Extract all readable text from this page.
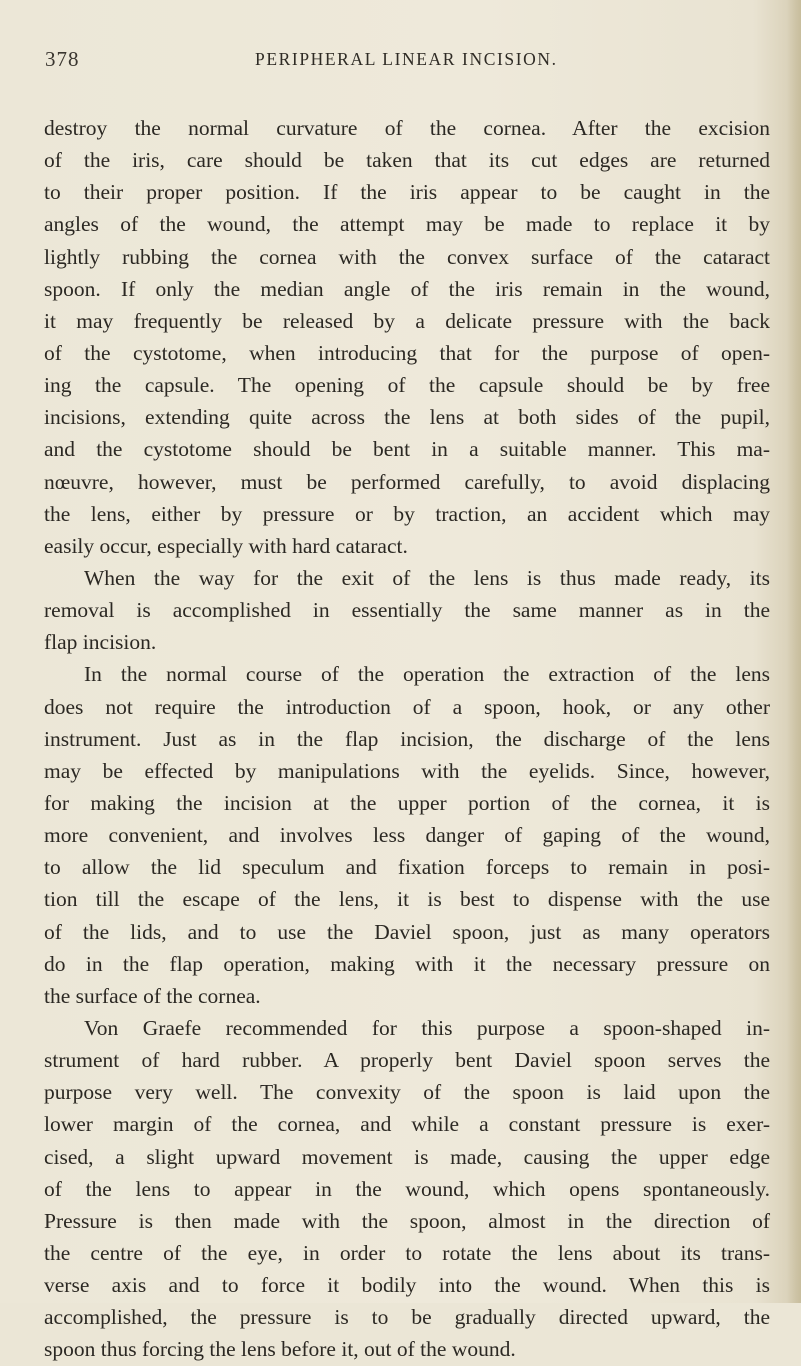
378	PERIPHERAL LINEAR INCISION.
destroy the normal curvature of the cornea. After the excision
of the iris, care should be taken that its cut edges are returned
to their proper position. If the iris appear to be caught in the
angles of the wound, the attempt may be made to replace it by
lightly rubbing the cornea with the convex surface of the cataract
spoon. If only the median angle of the iris remain in the wound,
it may frequently be released by a delicate pressure with the back
of the cystotome, when introducing that for the purpose of open-
ing the capsule. The opening of the capsule should be by free
incisions, extending quite across the lens at both sides of the pupil,
and the cystotome should be bent in a suitable manner. This ma-
nœuvre, however, must be performed carefully, to avoid displacing
the lens, either by pressure or by traction, an accident which may
easily occur, especially with hard cataract.
When the way for the exit of the lens is thus made ready, its
removal is accomplished in essentially the same manner as in the
flap incision.
In the normal course of the operation the extraction of the lens
does not require the introduction of a spoon, hook, or any other
instrument. Just as in the flap incision, the discharge of the lens
may be effected by manipulations with the eyelids. Since, however,
for making the incision at the upper portion of the cornea, it is
more convenient, and involves less danger of gaping of the wound,
to allow the lid speculum and fixation forceps to remain in posi-
tion till the escape of the lens, it is best to dispense with the use
of the lids, and to use the Daviel spoon, just as many operators
do in the flap operation, making with it the necessary pressure on
the surface of the cornea.
Von Graefe recommended for this purpose a spoon-shaped in-
strument of hard rubber. A properly bent Daviel spoon serves the
purpose very well. The convexity of the spoon is laid upon the
lower margin of the cornea, and while a constant pressure is exer-
cised, a slight upward movement is made, causing the upper edge
of the lens to appear in the wound, which opens spontaneously.
Pressure is then made with the spoon, almost in the direction of
the centre of the eye, in order to rotate the lens about its trans-
verse axis and to force it bodily into the wound. When this is
accomplished, the pressure is to be gradually directed upward, the
spoon thus forcing the lens before it, out of the wound.
